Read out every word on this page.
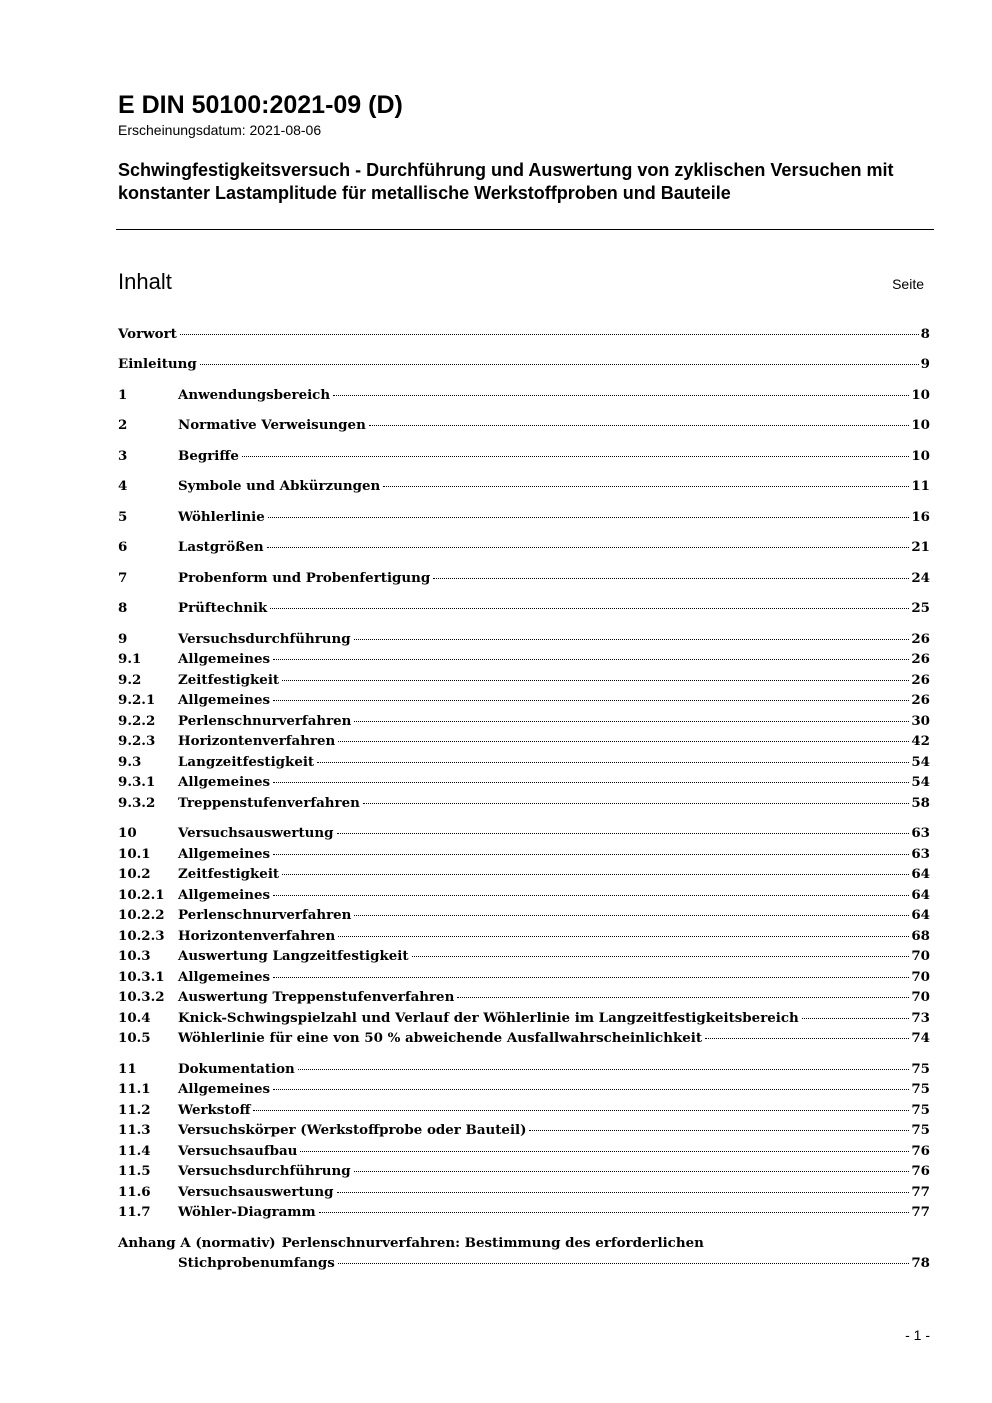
E DIN 50100:2021-09 (D)
Erscheinungsdatum: 2021-08-06
Schwingfestigkeitsversuch - Durchführung und Auswertung von zyklischen Versuchen mit konstanter Lastamplitude für metallische Werkstoffproben und Bauteile
Inhalt	Seite
Vorwort	8
Einleitung	9
1	Anwendungsbereich	10
2	Normative Verweisungen	10
3	Begriffe	10
4	Symbole und Abkürzungen	11
5	Wöhlerlinie	16
6	Lastgrößen	21
7	Probenform und Probenfertigung	24
8	Prüftechnik	25
9	Versuchsdurchführung	26
9.1	Allgemeines	26
9.2	Zeitfestigkeit	26
9.2.1	Allgemeines	26
9.2.2	Perlenschnurverfahren	30
9.2.3	Horizontenverfahren	42
9.3	Langzeitfestigkeit	54
9.3.1	Allgemeines	54
9.3.2	Treppenstufenverfahren	58
10	Versuchsauswertung	63
10.1	Allgemeines	63
10.2	Zeitfestigkeit	64
10.2.1	Allgemeines	64
10.2.2	Perlenschnurverfahren	64
10.2.3	Horizontenverfahren	68
10.3	Auswertung Langzeitfestigkeit	70
10.3.1	Allgemeines	70
10.3.2	Auswertung Treppenstufenverfahren	70
10.4	Knick-Schwingspielzahl und Verlauf der Wöhlerlinie im Langzeitfestigkeitsbereich	73
10.5	Wöhlerlinie für eine von 50 % abweichende Ausfallwahrscheinlichkeit	74
11	Dokumentation	75
11.1	Allgemeines	75
11.2	Werkstoff	75
11.3	Versuchskörper (Werkstoffprobe oder Bauteil)	75
11.4	Versuchsaufbau	76
11.5	Versuchsdurchführung	76
11.6	Versuchsauswertung	77
11.7	Wöhler-Diagramm	77
Anhang A (normativ) Perlenschnurverfahren: Bestimmung des erforderlichen
Stichprobenumfangs	78
- 1 -
